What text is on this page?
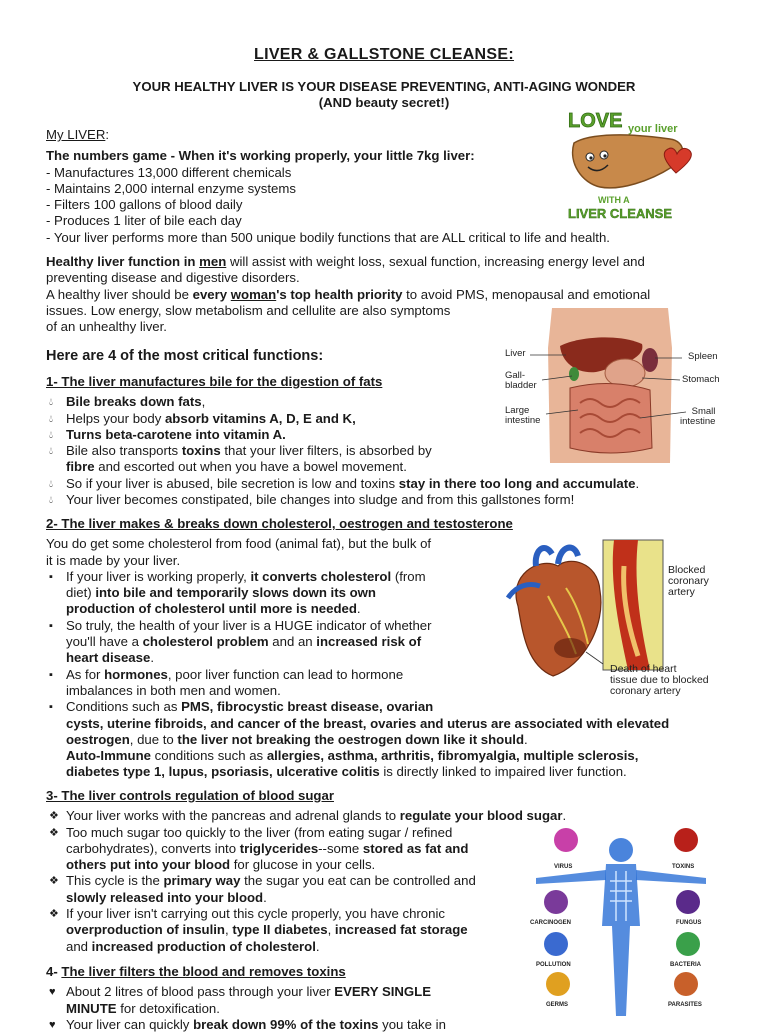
LIVER & GALLSTONE CLEANSE:
YOUR HEALTHY LIVER IS YOUR DISEASE PREVENTING, ANTI-AGING WONDER
(AND beauty secret!)
My LIVER:
The numbers game - When it's working properly, your little 7kg liver:
- Manufactures 13,000 different chemicals
- Maintains 2,000 internal enzyme systems
- Filters 100 gallons of blood daily
- Produces 1 liter of bile each day
- Your liver performs more than 500 unique bodily functions that are ALL critical to life and health.
Healthy liver function in men will assist with weight loss, sexual function, increasing energy level and
preventing disease and digestive disorders.
A healthy liver should be every woman's top health priority to avoid PMS, menopausal and emotional
issues. Low energy, slow metabolism and cellulite are also symptoms
of an unhealthy liver.
Here are 4 of the most critical functions:
1- The liver manufactures bile for the digestion of fats
💧︎ Bile breaks down fats,
💧︎ Helps your body absorb vitamins A, D, E and K,
💧︎ Turns beta-carotene into vitamin A.
💧︎ Bile also transports toxins that your liver filters, is absorbed by
fibre and escorted out when you have a bowel movement.
💧︎ So if your liver is abused, bile secretion is low and toxins stay in there too long and accumulate.
💧︎ Your liver becomes constipated, bile changes into sludge and from this gallstones form!
2- The liver makes & breaks down cholesterol, oestrogen and testosterone
You do get some cholesterol from food (animal fat), but the bulk of
it is made by your liver.
▪ If your liver is working properly, it converts cholesterol (from
diet) into bile and temporarily slows down its own
production of cholesterol until more is needed.
▪ So truly, the health of your liver is a HUGE indicator of whether
you'll have a cholesterol problem and an increased risk of
heart disease.
▪ As for hormones, poor liver function can lead to hormone
imbalances in both men and women.
▪ Conditions such as PMS, fibrocystic breast disease, ovarian
cysts, uterine fibroids, and cancer of the breast, ovaries and uterus are associated with elevated
oestrogen, due to the liver not breaking the oestrogen down like it should.
Auto-Immune conditions such as allergies, asthma, arthritis, fibromyalgia, multiple sclerosis,
diabetes type 1, lupus, psoriasis, ulcerative colitis is directly linked to impaired liver function.
3- The liver controls regulation of blood sugar
❖ Your liver works with the pancreas and adrenal glands to regulate your blood sugar.
❖ Too much sugar too quickly to the liver (from eating sugar / refined
carbohydrates), converts into triglycerides--some stored as fat and
others put into your blood for glucose in your cells.
❖ This cycle is the primary way the sugar you eat can be controlled and
slowly released into your blood.
❖ If your liver isn't carrying out this cycle properly, you have chronic
overproduction of insulin, type II diabetes, increased fat storage
and increased production of cholesterol.
4- The liver filters the blood and removes toxins
♥ About 2 litres of blood pass through your liver EVERY SINGLE
MINUTE for detoxification.
♥ Your liver can quickly break down 99% of the toxins you take in
LOVE your liver
WITH A
LIVER CLEANSE
Liver
Gall-
bladder
Large
intestine
Spleen
Stomach
Small
intestine
Blocked
coronary
artery
Death of heart
tissue due to blocked
coronary artery
VIRUS	TOXINS
CARCINOGEN	FUNGUS
POLLUTION	BACTERIA
GERMS	PARASITES
